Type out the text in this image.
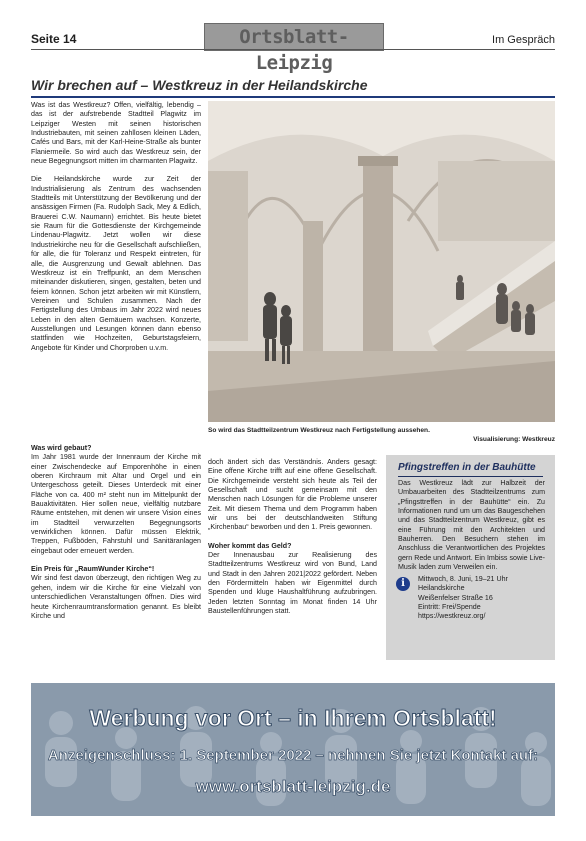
Seite 14	Ortsblatt-Leipzig
Im Gespräch
Wir brechen auf – Westkreuz in der Heilandskirche

Was ist das Westkreuz? Offen, vielfältig, lebendig – das ist der aufstrebende Stadtteil Plagwitz im Leipziger Westen mit seinen historischen Industriebauten, mit seinen zahllosen kleinen Läden, Cafés und Bars, mit der Karl-Heine-Straße als bunter Flaniermeile. So wird auch das Westkreuz sein, der neue Begegnungsort mitten im charmanten Plagwitz.

Die Heilandskirche wurde zur Zeit der Industrialisierung als Zentrum des wachsenden Stadtteils mit Unterstützung der Bevölkerung und der ansässigen Firmen (Fa. Rudolph Sack, Mey & Edlich, Brauerei C.W. Naumann) errichtet. Bis heute bietet sie Raum für die Gottesdienste der Kirchgemeinde Lindenau-Plagwitz. Jetzt wollen wir diese Industriekirche neu für die Gesellschaft aufschließen, für alle, die für Toleranz und Respekt eintreten, für alle, die Ausgrenzung und Gewalt ablehnen. Das Westkreuz ist ein Treffpunkt, an dem Menschen miteinander diskutieren, singen, gestalten, beten und feiern können. Schon jetzt arbeiten wir mit Künstlern, Vereinen und Schulen zusammen. Nach der Fertigstellung des Umbaus im Jahr 2022 wird neues Leben in den alten Gemäuern wachsen. Konzerte, Ausstellungen und Lesungen können dann ebenso stattfinden wie Hochzeiten, Geburtstagsfeiern, Angebote für Kinder und Chorproben u.v.m.

So wird das Stadtteilzentrum Westkreuz nach Fertigstellung aussehen.
Visualisierung: Westkreuz

Was wird gebaut?

Im Jahr 1981 wurde der Innenraum der Kirche mit einer Zwischendecke auf Emporenhöhe in einen oberen Kirchraum mit Altar und Orgel und ein Untergeschoss geteilt. Dieses Unterdeck mit einer Fläche von ca. 400 m² steht nun im Mittelpunkt der Bauaktivitäten. Hier sollen neue, vielfältig nutzbare Räume entstehen, mit denen wir unsere Vision eines im Stadtteil verwurzelten Begegnungsorts verwirklichen können. Dafür müssen Elektrik, Treppen, Fußböden, Fahrstuhl und Sanitäranlagen eingebaut oder erneuert werden.

Ein Preis für „RaumWunder Kirche“!

Wir sind fest davon überzeugt, den richtigen Weg zu gehen, indem wir die Kirche für eine Vielzahl von unterschiedlichen Veranstaltungen öffnen. Dies wird heute Kirchenraumtransformation genannt. Es bleibt Kirche und

doch ändert sich das Verständnis. Anders gesagt: Eine offene Kirche trifft auf eine offene Gesellschaft. Die Kirchgemeinde versteht sich heute als Teil der Gesellschaft und sucht gemeinsam mit den Menschen nach Lösungen für die Probleme unserer Zeit. Mit diesem Thema und dem Programm haben wir uns bei der deutschlandweiten Stiftung „Kirchenbau“ beworben und den 1. Preis gewonnen.

Woher kommt das Geld?

Der Innenausbau zur Realisierung des Stadtteilzentrums Westkreuz wird von Bund, Land und Stadt in den Jahren 2021|2022 gefördert. Neben den Fördermitteln haben wir Eigenmittel durch Spenden und kluge Haushaltführung aufzubringen. Jeden letzten Sonntag im Monat finden 14 Uhr Baustellenführungen statt.

Pfingstreffen in der Bauhütte
Das Westkreuz lädt zur Halbzeit der Umbauarbeiten des Stadtteilzentrums zum „Pfingsttreffen in der Bauhütte“ ein. Zu Informationen rund um um das Baugeschehen und das Stadtteilzentrum Westkreuz, gibt es eine Führung mit den Architekten und Bauherren. Den Besuchern stehen im Anschluss die Verantwortlichen des Projektes gern Rede und Antwort. Ein Imbiss sowie Live-Musik laden zum Verweilen ein.
i	Mittwoch, 8. Juni, 19–21 Uhr
Heilandskirche
Weißenfelser Straße 16
Eintritt: Frei/Spende
https://westkreuz.org/
Werbung vor Ort – in Ihrem Ortsblatt!
Anzeigenschluss: 1. September 2022 – nehmen Sie jetzt Kontakt auf:
www.ortsblatt-leipzig.de
